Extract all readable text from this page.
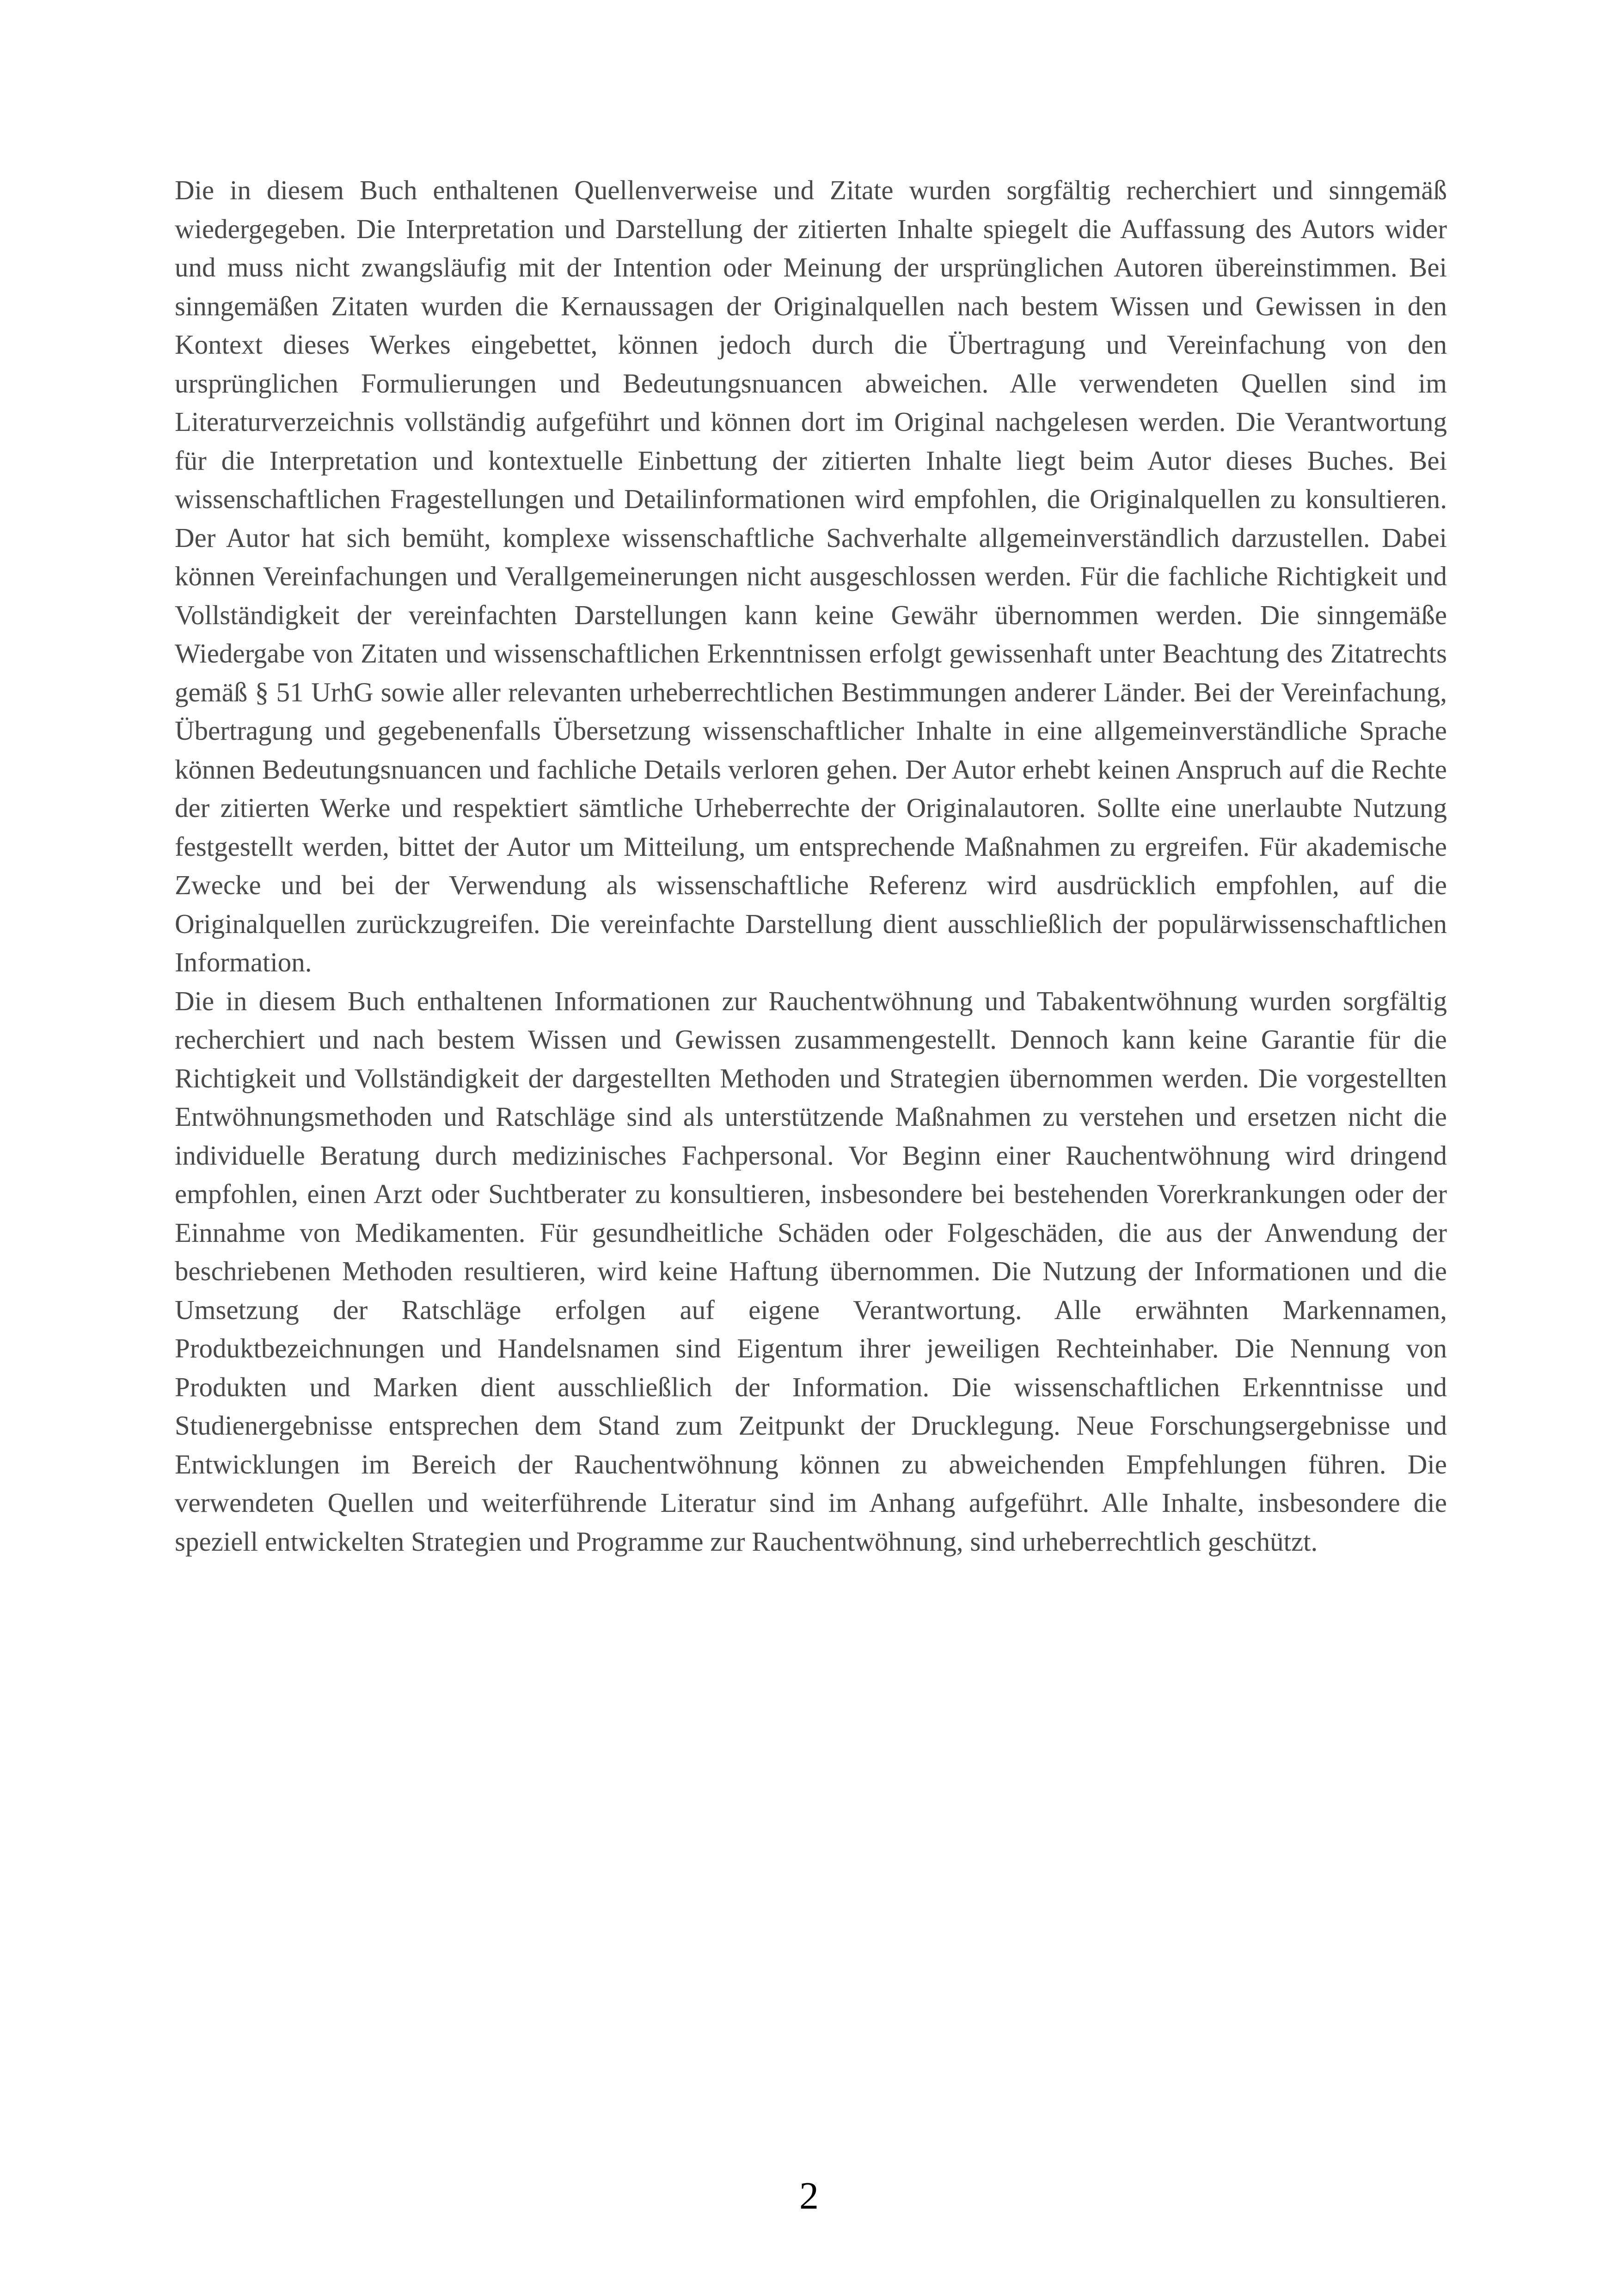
Die in diesem Buch enthaltenen Quellenverweise und Zitate wurden sorgfältig recherchiert und sinngemäß wiedergegeben. Die Interpretation und Darstellung der zitierten Inhalte spiegelt die Auffassung des Autors wider und muss nicht zwangsläufig mit der Intention oder Meinung der ursprünglichen Autoren übereinstimmen. Bei sinngemäßen Zitaten wurden die Kernaussagen der Originalquellen nach bestem Wissen und Gewissen in den Kontext dieses Werkes eingebettet, können jedoch durch die Übertragung und Vereinfachung von den ursprünglichen Formulierungen und Bedeutungsnuancen abweichen. Alle verwendeten Quellen sind im Literaturverzeichnis vollständig aufgeführt und können dort im Original nachgelesen werden. Die Verantwortung für die Interpretation und kontextuelle Einbettung der zitierten Inhalte liegt beim Autor dieses Buches. Bei wissenschaftlichen Fragestellungen und Detailinformationen wird empfohlen, die Originalquellen zu konsultieren. Der Autor hat sich bemüht, komplexe wissenschaftliche Sachverhalte allgemeinverständlich darzustellen. Dabei können Vereinfachungen und Verallgemeinerungen nicht ausgeschlossen werden. Für die fachliche Richtigkeit und Vollständigkeit der vereinfachten Darstellungen kann keine Gewähr übernommen werden. Die sinngemäße Wiedergabe von Zitaten und wissenschaftlichen Erkenntnissen erfolgt gewissenhaft unter Beachtung des Zitatrechts gemäß § 51 UrhG sowie aller relevanten urheberrechtlichen Bestimmungen anderer Länder. Bei der Vereinfachung, Übertragung und gegebenenfalls Übersetzung wissenschaftlicher Inhalte in eine allgemeinverständliche Sprache können Bedeutungsnuancen und fachliche Details verloren gehen. Der Autor erhebt keinen Anspruch auf die Rechte der zitierten Werke und respektiert sämtliche Urheberrechte der Originalautoren. Sollte eine unerlaubte Nutzung festgestellt werden, bittet der Autor um Mitteilung, um entsprechende Maßnahmen zu ergreifen. Für akademische Zwecke und bei der Verwendung als wissenschaftliche Referenz wird ausdrücklich empfohlen, auf die Originalquellen zurückzugreifen. Die vereinfachte Darstellung dient ausschließlich der populärwissenschaftlichen Information.

Die in diesem Buch enthaltenen Informationen zur Rauchentwöhnung und Tabakentwöhnung wurden sorgfältig recherchiert und nach bestem Wissen und Gewissen zusammengestellt. Dennoch kann keine Garantie für die Richtigkeit und Vollständigkeit der dargestellten Methoden und Strategien übernommen werden. Die vorgestellten Entwöhnungsmethoden und Ratschläge sind als unterstützende Maßnahmen zu verstehen und ersetzen nicht die individuelle Beratung durch medizinisches Fachpersonal. Vor Beginn einer Rauchentwöhnung wird dringend empfohlen, einen Arzt oder Suchtberater zu konsultieren, insbesondere bei bestehenden Vorerkrankungen oder der Einnahme von Medikamenten. Für gesundheitliche Schäden oder Folgeschäden, die aus der Anwendung der beschriebenen Methoden resultieren, wird keine Haftung übernommen. Die Nutzung der Informationen und die Umsetzung der Ratschläge erfolgen auf eigene Verantwortung. Alle erwähnten Markennamen, Produktbezeichnungen und Handelsnamen sind Eigentum ihrer jeweiligen Rechteinhaber. Die Nennung von Produkten und Marken dient ausschließlich der Information. Die wissenschaftlichen Erkenntnisse und Studienergebnisse entsprechen dem Stand zum Zeitpunkt der Drucklegung. Neue Forschungsergebnisse und Entwicklungen im Bereich der Rauchentwöhnung können zu abweichenden Empfehlungen führen. Die verwendeten Quellen und weiterführende Literatur sind im Anhang aufgeführt. Alle Inhalte, insbesondere die speziell entwickelten Strategien und Programme zur Rauchentwöhnung, sind urheberrechtlich geschützt.

2
